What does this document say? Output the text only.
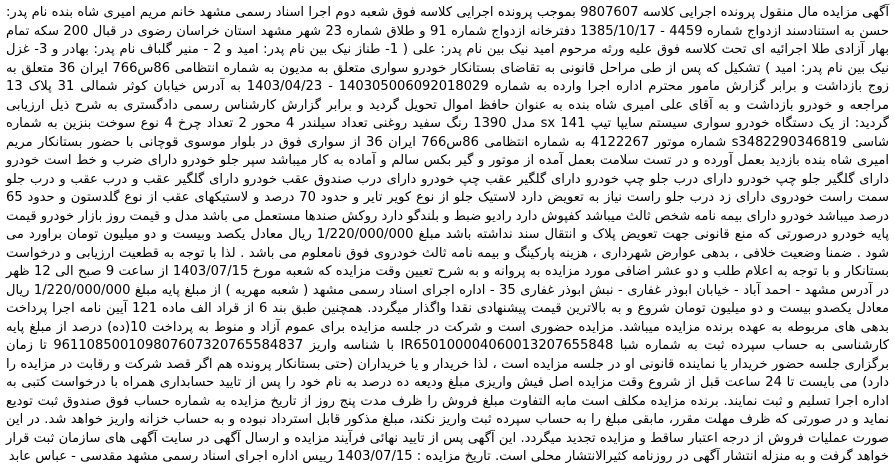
آگهی مزایده مال منقول پرونده اجرایی کلاسه 9807607 بموجب پرونده اجرایی کلاسه فوق شعبه دوم اجرا اسناد رسمی مشهد خانم مریم امیری شاه بنده نام پدر: حسن به استنادسند ازدواج شماره 4459 - 1385/10/17 دفترخانه ازدواج شماره 91 و طلاق شماره 23 شهر مشهد استان خراسان رضوی در قبال 200 سکه تمام بهار آزادی طلا اجرائیه ای تحت کلاسه فوق علیه ورثه مرحوم امید نیک بین نام پدر: علی ( 1- طناز نیک بین نام پدر: امید و 2 - منیر گلباف نام پدر: بهادر و 3- غزل نیک بین نام پدر: امید ) تشکیل که پس از طی مراحل قانونی به تقاضای بستانکار خودرو سواری متعلق به مدیون به شماره انتظامی 86س766 ایران 36 متعلق به زوج بازداشت و برابر گزارش مامور محترم اداره اجرا وارده به شماره 140305006092018029 - 1403/04/23 به آدرس خیابان کوثر شمالی 31 پلاک 13 مراجعه و خودرو بازداشت و به آقای علی امیری شاه بنده به عنوان حافظ اموال تحویل گردید و برابر گزارش کارشناس رسمی دادگستری به شرح ذیل ارزیابی گردید: از یک دستگاه خودرو سواری سیستم سایپا تیپ sx 141 مدل 1390 رنگ سفید روغنی تعداد سیلندر 4 محور 2 تعداد چرخ 4 نوع سوخت بنزین به شماره شاسی s3482290346819 شماره موتور 4122267 به شماره انتظامی 86س766 ایران 36 از سواری فوق در بلوار موسوی قوچانی با حضور بستانکار مریم امیری شاه بنده بازدید بعمل آورده و در تست سلامت بعمل آمده از موتور و گیر بکس سالم و آماده به کار میباشد سپر جلو خودرو دارای ضرب و خط است خودرو دارای گلگیر جلو چپ خودرو دارای درب جلو چپ خودرو دارای گلگیر عقب چپ خودرو دارای درب صندوق عقب خودرو دارای گلگیر عقب و درب عقب و درب جلو سمت راست خودروی دارای زد درب جلو راست نیاز به تعویض دارد لاستیک جلو از نوع کویر تایر و حدود 70 درصد و لاستیکهای عقب از نوع گلدستون و حدود 65 درصد میباشد خودرو دارای بیمه نامه شخص ثالث میباشد کفپوش دارد رادیو ضبط و بلندگو دارد روکش صندها مستعمل می باشد مدل و قیمت روز بازار خودرو قیمت پایه خودرو درصورتی که منع قانونی جهت تعویض پلاک و انتقال سند نداشته باشد مبلغ 1/220/000/000 ریال معادل یکصد وبیست و دو میلیون تومان براورد می شود . ضمنا وضعیت خلافی ، بدهی عوارض شهرداری ، هزینه پارکینگ و بیمه نامه ثالث خودروی فوق نامعلوم می باشد . لذا با توجه به قطعیت ارزیابی و درخواست بستانکار و با توجه به اعلام طلب و دو عشر اضافی مورد مزایده به پروانه و به شرح تعیین وقت مزایده که شعبه مورخ 1403/07/15 از ساعت 9 صبح الی 12 ظهر در آدرس مشهد - احمد آباد - خیابان ابوذر غفاری - نبش ابوذر غفاری 35 - اداره اجرای اسناد رسمی مشهد ( شعبه مهریه ) از مبلغ پایه مبلغ 1/220/000/000 ریال معادل یکصدو بیست و دو میلیون تومان شروع و به بالاترین قیمت پیشنهادی نقدا واگذار میگردد. همچنین طبق بند 6 از قراد الف ماده 121 آیین نامه اجرا پرداخت بدهی های مربوطه به عهده برنده مزایده میباشد. مزایده حضوری است و شرکت در جلسه مزایده برای عموم آزاد و منوط به پرداخت 10(ده) درصد از مبلغ پایه کارشناسی به حساب سپرده ثبت به شماره شبا IR650100004060013207655848 با شناسه واریز 961108500109807607320765584837 تا زمان برگزاری جلسه حضور خریدار یا نماینده قانونی او در جلسه مزایده است ، لذا خریدار و یا خریداران (حتی بستانکار پرونده هم اگر قصد شرکت و رقابت در مزایده را دارد) می بایست تا 24 ساعت قبل از شروع وقت مزایده اصل فیش واریزی مبلغ ودیعه ده درصد به نام خود را پس از تایید حسابداری همراه با درخواست کتبی به اداره اجرا تسلیم و ثبت نمایند. برنده مزایده مکلف است مابه التفاوت مبلغ فروش را ظرف مدت پنج روز از تاریخ مزایده به شماره حساب فوق صندوق ثبت تودیع نماید و در صورتی که ظرف مهلت مقرر، مابقی مبلغ را به حساب سپرده ثبت واریز نکند، مبلغ مذکور قابل استرداد نبوده و به حساب خزانه واریز خواهد شد. در این صورت عملیات فروش از درجه اعتبار ساقط و مزایده تجدید میگردد. این آگهی پس از تایید نهائی فرآیند مزایده و ارسال آگهی در سایت آگهی های سازمان ثبت قرار خواهد گرفت و به منزله انتشار آگهی در روزنامه کثیرالانتشار محلی است. تاریخ مزایده : 1403/07/15 رییس اداره اجرای اسناد رسمی مشهد مقدسی - عباس عابد
